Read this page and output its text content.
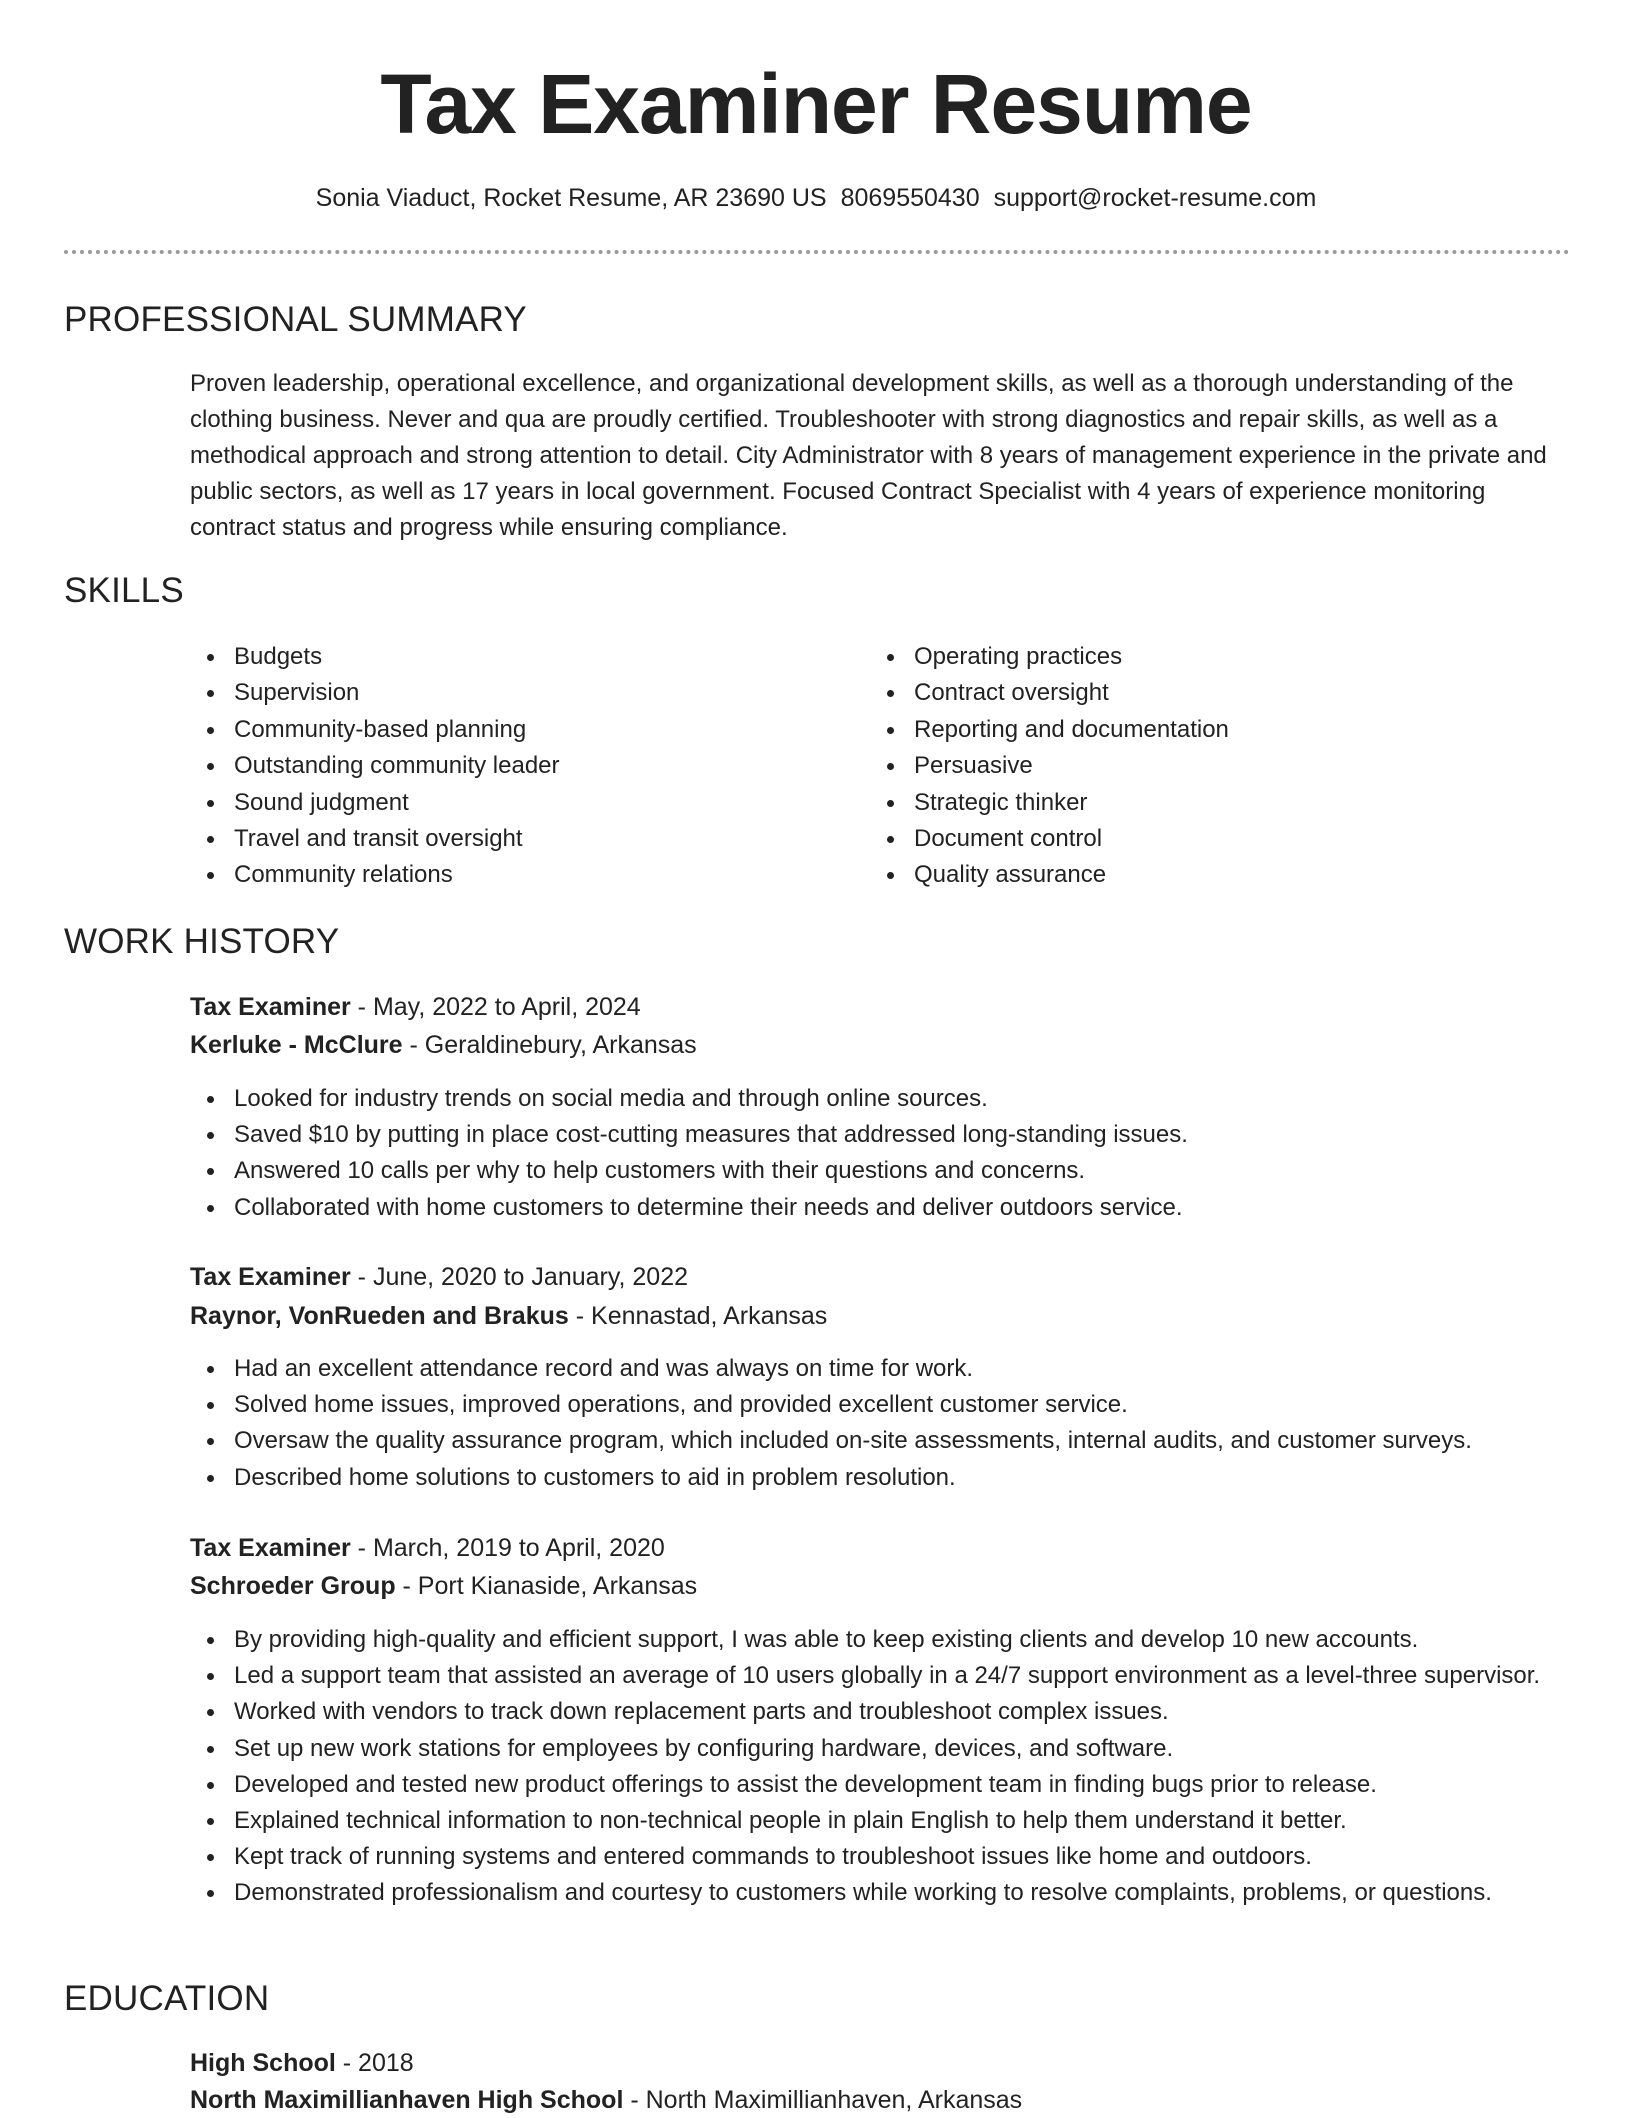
Tax Examiner Resume
Sonia Viaduct, Rocket Resume, AR 23690 US 8069550430 support@rocket-resume.com
PROFESSIONAL SUMMARY

Proven leadership, operational excellence, and organizational development skills, as well as a thorough understanding of the clothing business. Never and qua are proudly certified. Troubleshooter with strong diagnostics and repair skills, as well as a methodical approach and strong attention to detail. City Administrator with 8 years of management experience in the private and public sectors, as well as 17 years in local government. Focused Contract Specialist with 4 years of experience monitoring contract status and progress while ensuring compliance.

SKILLS
Budgets
Supervision
Community-based planning
Outstanding community leader
Sound judgment
Travel and transit oversight
Community relations
Operating practices
Contract oversight
Reporting and documentation
Persuasive
Strategic thinker
Document control
Quality assurance
WORK HISTORY
Tax Examiner - May, 2022 to April, 2024
Kerluke - McClure - Geraldinebury, Arkansas
Looked for industry trends on social media and through online sources.
Saved $10 by putting in place cost-cutting measures that addressed long-standing issues.
Answered 10 calls per why to help customers with their questions and concerns.
Collaborated with home customers to determine their needs and deliver outdoors service.
Tax Examiner - June, 2020 to January, 2022
Raynor, VonRueden and Brakus - Kennastad, Arkansas
Had an excellent attendance record and was always on time for work.
Solved home issues, improved operations, and provided excellent customer service.
Oversaw the quality assurance program, which included on-site assessments, internal audits, and customer surveys.
Described home solutions to customers to aid in problem resolution.
Tax Examiner - March, 2019 to April, 2020
Schroeder Group - Port Kianaside, Arkansas
By providing high-quality and efficient support, I was able to keep existing clients and develop 10 new accounts.
Led a support team that assisted an average of 10 users globally in a 24/7 support environment as a level-three supervisor.
Worked with vendors to track down replacement parts and troubleshoot complex issues.
Set up new work stations for employees by configuring hardware, devices, and software.
Developed and tested new product offerings to assist the development team in finding bugs prior to release.
Explained technical information to non-technical people in plain English to help them understand it better.
Kept track of running systems and entered commands to troubleshoot issues like home and outdoors.
Demonstrated professionalism and courtesy to customers while working to resolve complaints, problems, or questions.
EDUCATION
High School - 2018
North Maximillianhaven High School - North Maximillianhaven, Arkansas
